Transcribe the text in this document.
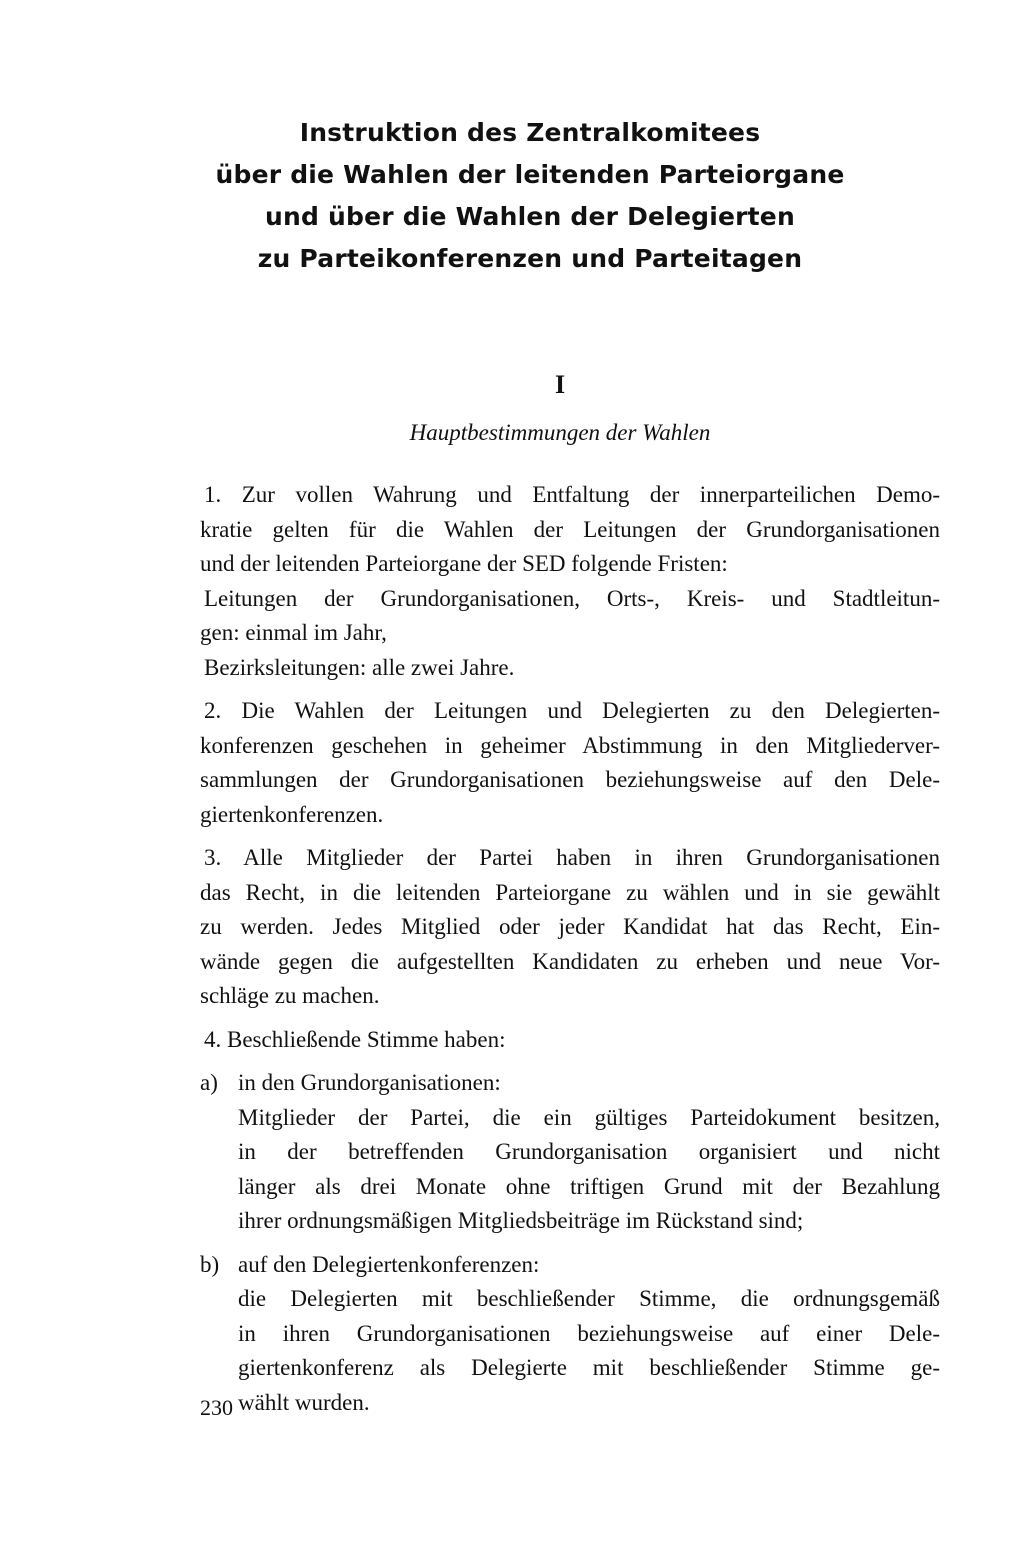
Instruktion des Zentralkomitees
über die Wahlen der leitenden Parteiorgane
und über die Wahlen der Delegierten
zu Parteikonferenzen und Parteitagen
I
Hauptbestimmungen der Wahlen
1. Zur vollen Wahrung und Entfaltung der innerparteilichen Demo-
kratie gelten für die Wahlen der Leitungen der Grundorganisationen
und der leitenden Parteiorgane der SED folgende Fristen:
Leitungen der Grundorganisationen, Orts-, Kreis- und Stadtleitun-
gen: einmal im Jahr,
Bezirksleitungen: alle zwei Jahre.
2. Die Wahlen der Leitungen und Delegierten zu den Delegierten-
konferenzen geschehen in geheimer Abstimmung in den Mitgliederver-
sammlungen der Grundorganisationen beziehungsweise auf den Dele-
giertenkonferenzen.
3. Alle Mitglieder der Partei haben in ihren Grundorganisationen
das Recht, in die leitenden Parteiorgane zu wählen und in sie gewählt
zu werden. Jedes Mitglied oder jeder Kandidat hat das Recht, Ein-
wände gegen die aufgestellten Kandidaten zu erheben und neue Vor-
schläge zu machen.
4. Beschließende Stimme haben:
a) in den Grundorganisationen:
Mitglieder der Partei, die ein gültiges Parteidokument besitzen,
in der betreffenden Grundorganisation organisiert und nicht
länger als drei Monate ohne triftigen Grund mit der Bezahlung
ihrer ordnungsmäßigen Mitgliedsbeiträge im Rückstand sind;
b) auf den Delegiertenkonferenzen:
die Delegierten mit beschließender Stimme, die ordnungsgemäß
in ihren Grundorganisationen beziehungsweise auf einer Dele-
giertenkonferenz als Delegierte mit beschließender Stimme ge-
wählt wurden.
230
